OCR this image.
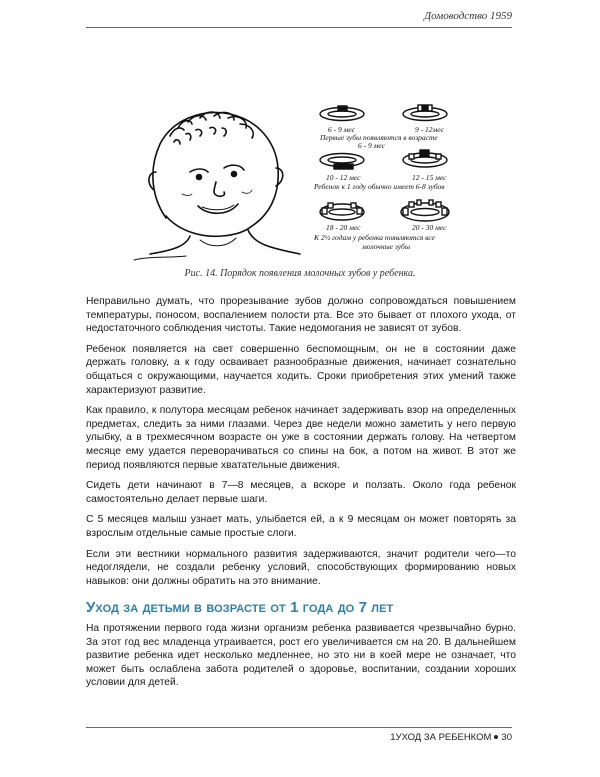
Домоводство 1959
6 - 9 мес	9 - 12мес
Первые зубы появляются в возрасте
6 - 9 мес
10 - 12 мес	12 - 15 мес
Ребенок к 1 году обычно имеет 6-8 зубов
18 - 20 мес	20 - 30 мес
К 2½ годам у ребенка появляются все
молочные зубы
Рис. 14. Порядок появления молочных зубов у ребенка.

Неправильно думать, что прорезывание зубов должно сопровождаться повышением температуры, поносом, воспалением полости рта. Все это бывает от плохого ухода, от недостаточного соблюдения чистоты. Такие недомогания не зависят от зубов.

Ребенок появляется на свет совершенно беспомощным, он не в состоянии даже держать головку, а к году осваивает разнообразные движения, начинает сознательно общаться с окружающими, научается ходить. Сроки приобретения этих умений также характеризуют развитие.

Как правило, к полутора месяцам ребенок начинает задерживать взор на определенных предметах, следить за ними глазами. Через две недели можно заметить у него первую улыбку, а в трехмесячном возрасте он уже в состоянии держать голову. На четвертом месяце ему удается переворачиваться со спины на бок, а потом на живот. В этот же период появляются первые хватательные движения.

Сидеть дети начинают в 7—8 месяцев, а вскоре и ползать. Около года ребенок самостоятельно делает первые шаги.

С 5 месяцев малыш узнает мать, улыбается ей, а к 9 месяцам он может повторять за взрослым отдельные самые простые слоги.

Если эти вестники нормального развития задерживаются, значит родители чего—то недоглядели, не создали ребенку условий, способствующих формированию новых навыков: они должны обратить на это внимание.

Уход за детьми в возрасте от 1 года до 7 лет

На протяжении первого года жизни организм ребенка развивается чрезвычайно бурно. За этот год вес младенца утраивается, рост его увеличивается см на 20. В дальнейшем развитие ребенка идет несколько медленнее, но это ни в коей мере не означает, что может быть ослаблена забота родителей о здоровье, воспитании, создании хороших условии для детей.

1УХОД ЗА РЕБЕНКОМ 30
